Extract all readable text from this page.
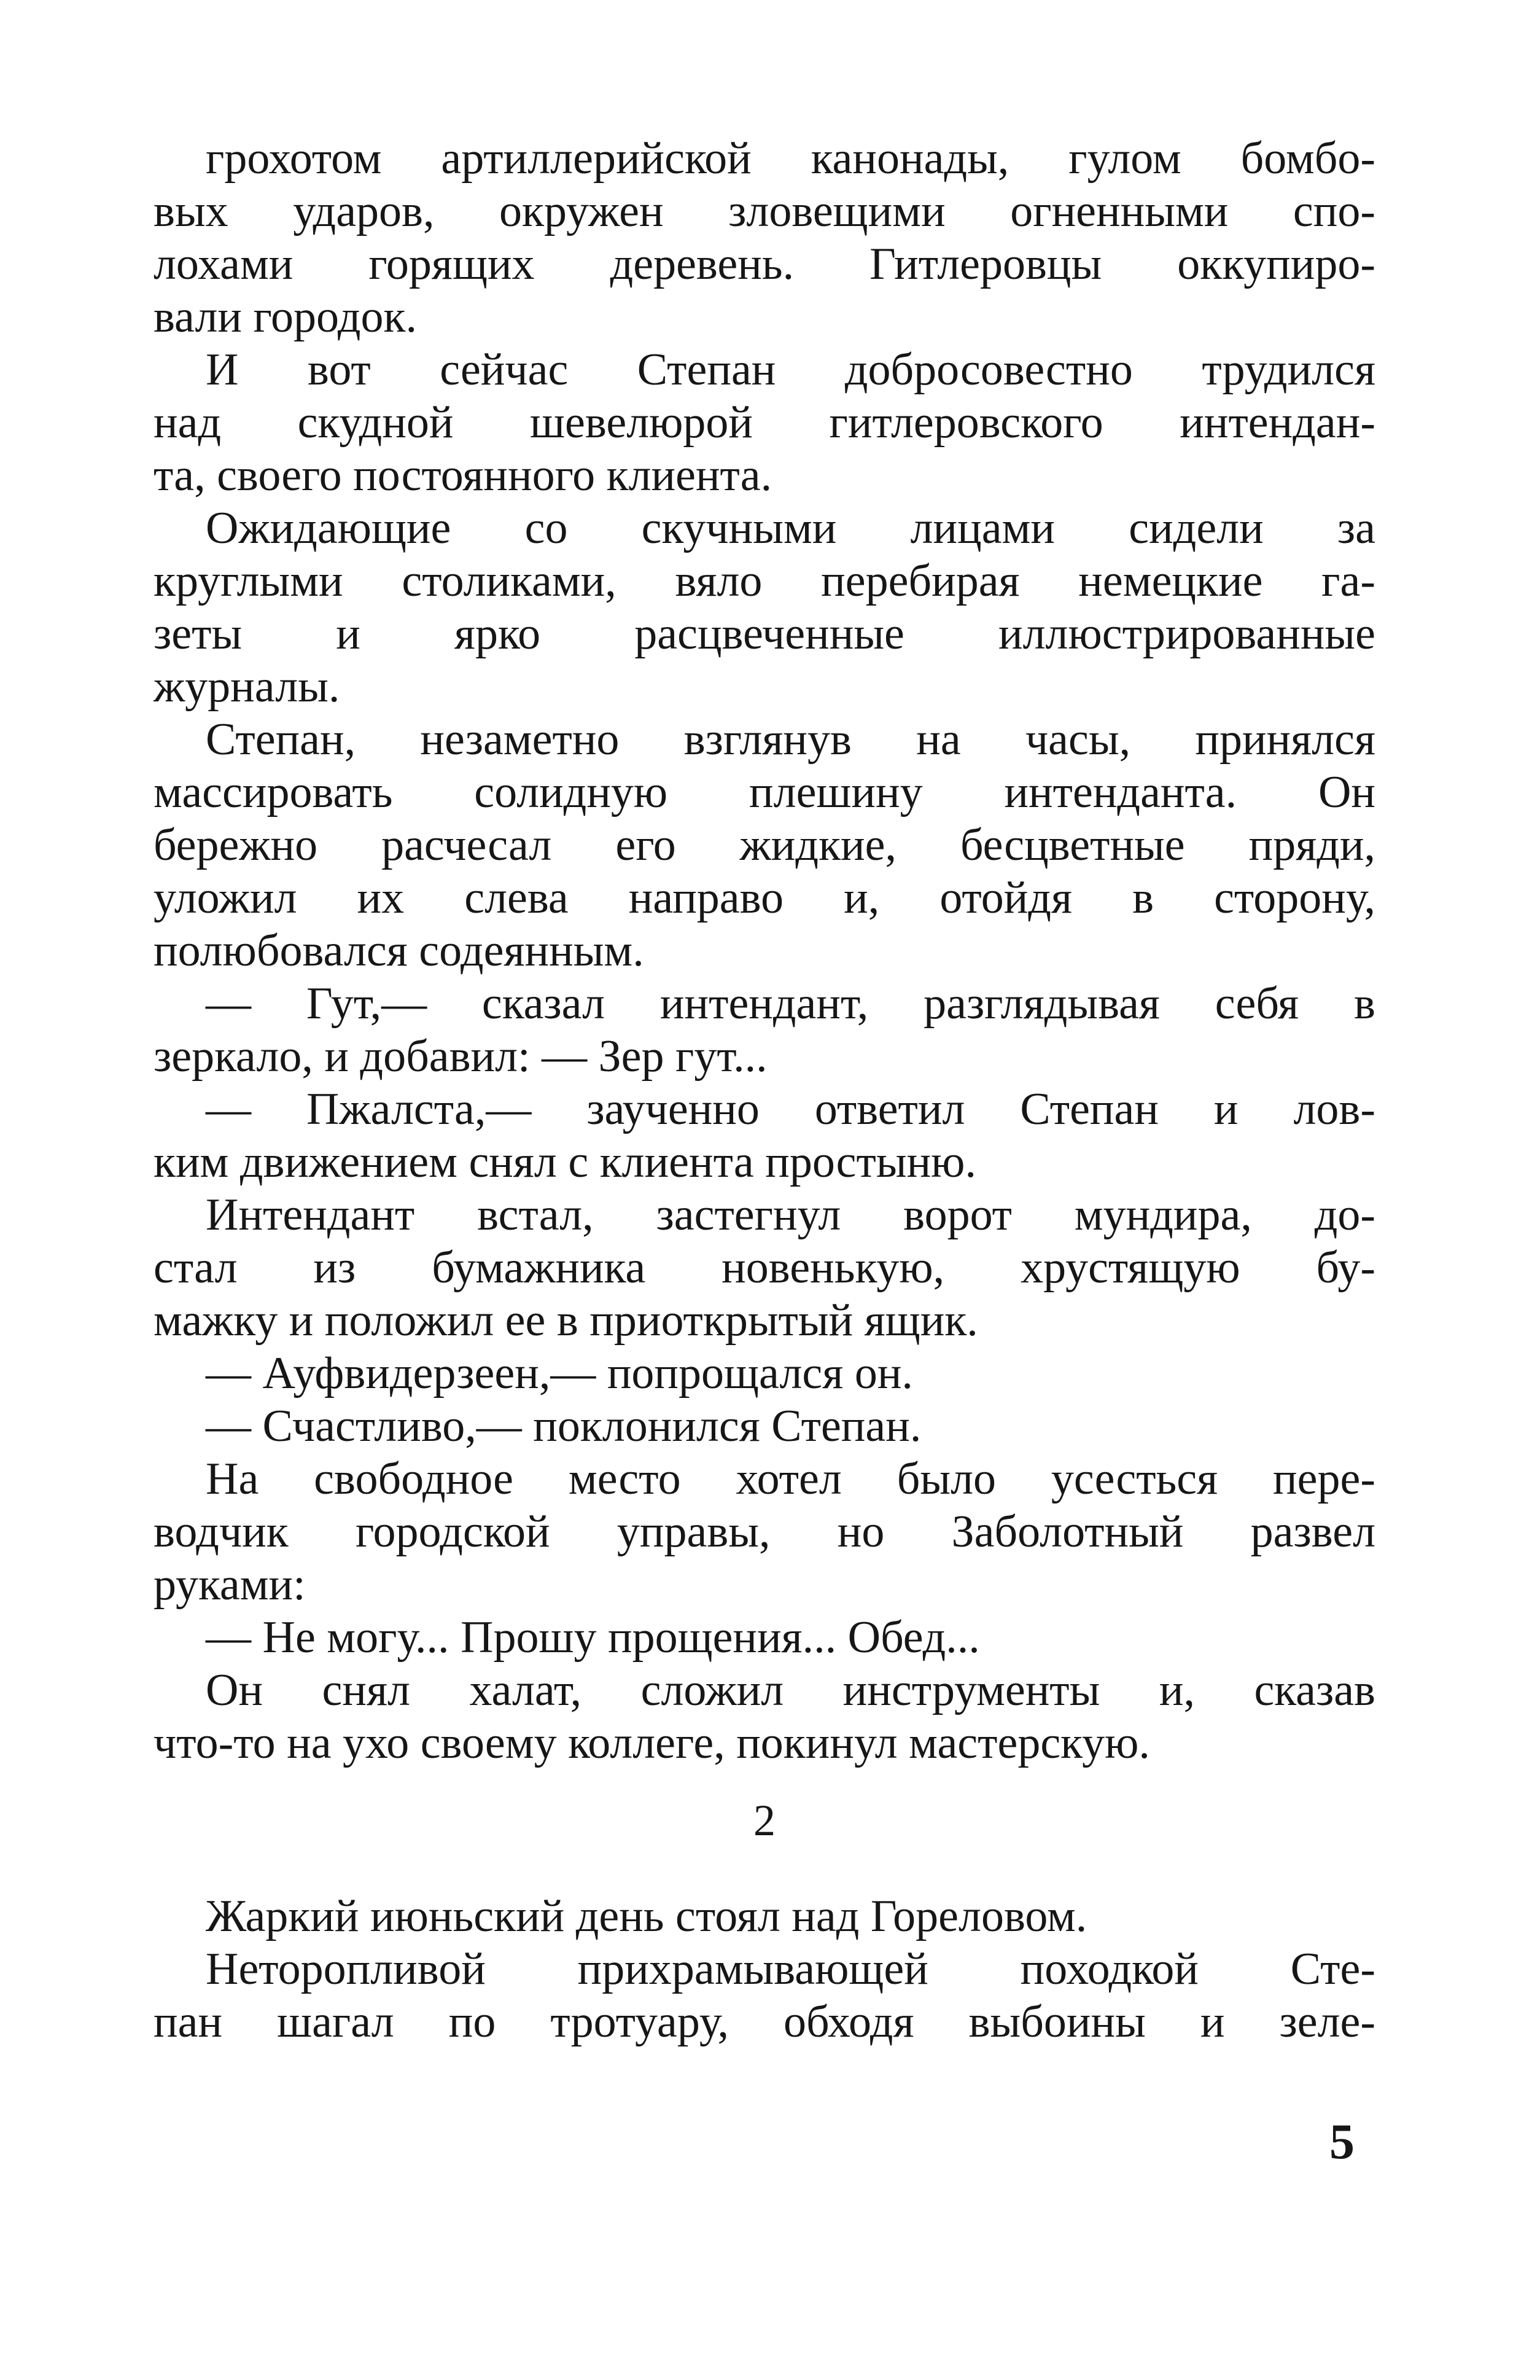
грохотом артиллерийской канонады, гулом бомбо-
вых ударов, окружен зловещими огненными спо-
лохами горящих деревень. Гитлеровцы оккупиро-
вали городок.
И вот сейчас Степан добросовестно трудился
над скудной шевелюрой гитлеровского интендан-
та, своего постоянного клиента.
Ожидающие со скучными лицами сидели за
круглыми столиками, вяло перебирая немецкие га-
зеты и ярко расцвеченные иллюстрированные
журналы.
Степан, незаметно взглянув на часы, принялся
массировать солидную плешину интенданта. Он
бережно расчесал его жидкие, бесцветные пряди,
уложил их слева направо и, отойдя в сторону,
полюбовался содеянным.
— Гут,— сказал интендант, разглядывая себя в
зеркало, и добавил: — Зер гут...
— Пжалста,— заученно ответил Степан и лов-
ким движением снял с клиента простыню.
Интендант встал, застегнул ворот мундира, до-
стал из бумажника новенькую, хрустящую бу-
мажку и положил ее в приоткрытый ящик.
— Ауфвидерзеен,— попрощался он.
— Счастливо,— поклонился Степан.
На свободное место хотел было усесться пере-
водчик городской управы, но Заболотный развел
руками:
— Не могу... Прошу прощения... Обед...
Он снял халат, сложил инструменты и, сказав
что-то на ухо своему коллеге, покинул мастерскую.
2
Жаркий июньский день стоял над Гореловом.
Неторопливой прихрамывающей походкой Сте-
пан шагал по тротуару, обходя выбоины и зеле-
5
